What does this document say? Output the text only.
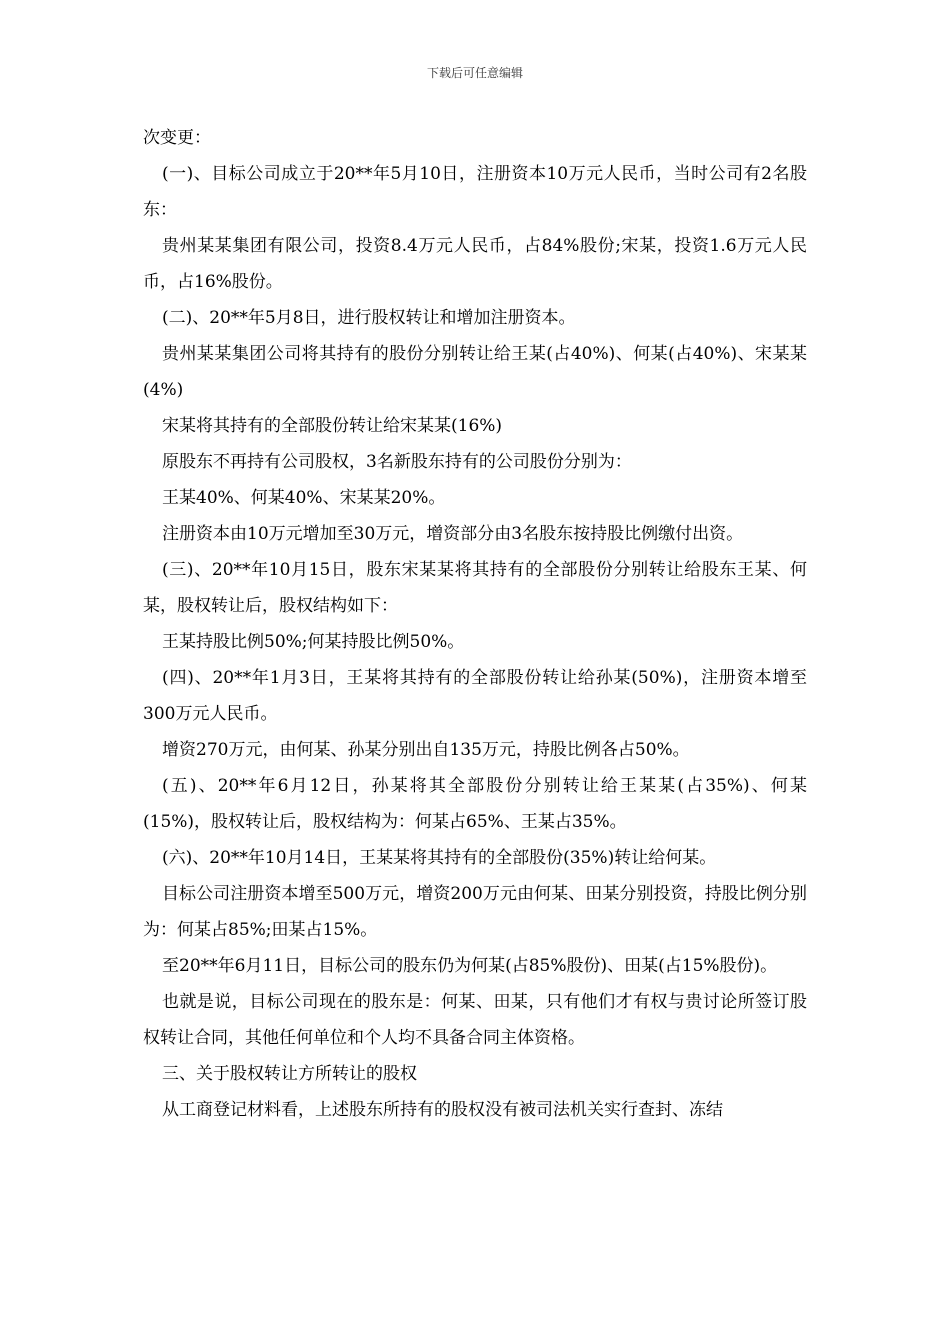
下载后可任意编辑

次变更：

(一)、目标公司成立于20**年5月10日，注册资本10万元人民币，当时公司有2名股东：

贵州某某集团有限公司，投资8.4万元人民币，占84%股份;宋某，投资1.6万元人民币，占16%股份。

(二)、20**年5月8日，进行股权转让和增加注册资本。

贵州某某集团公司将其持有的股份分别转让给王某(占40%)、何某(占40%)、宋某某(4%)

宋某将其持有的全部股份转让给宋某某(16%)

原股东不再持有公司股权，3名新股东持有的公司股份分别为：

王某40%、何某40%、宋某某20%。

注册资本由10万元增加至30万元，增资部分由3名股东按持股比例缴付出资。

(三)、20**年10月15日，股东宋某某将其持有的全部股份分别转让给股东王某、何某，股权转让后，股权结构如下：

王某持股比例50%;何某持股比例50%。

(四)、20**年1月3日，王某将其持有的全部股份转让给孙某(50%)，注册资本增至300万元人民币。

增资270万元，由何某、孙某分别出自135万元，持股比例各占50%。

(五)、20**年6月12日，孙某将其全部股份分别转让给王某某(占35%)、何某(15%)，股权转让后，股权结构为：何某占65%、王某占35%。

(六)、20**年10月14日，王某某将其持有的全部股份(35%)转让给何某。

目标公司注册资本增至500万元，增资200万元由何某、田某分别投资，持股比例分别为：何某占85%;田某占15%。

至20**年6月11日，目标公司的股东仍为何某(占85%股份)、田某(占15%股份)。

也就是说，目标公司现在的股东是：何某、田某，只有他们才有权与贵讨论所签订股权转让合同，其他任何单位和个人均不具备合同主体资格。

三、关于股权转让方所转让的股权

从工商登记材料看，上述股东所持有的股权没有被司法机关实行查封、冻结
